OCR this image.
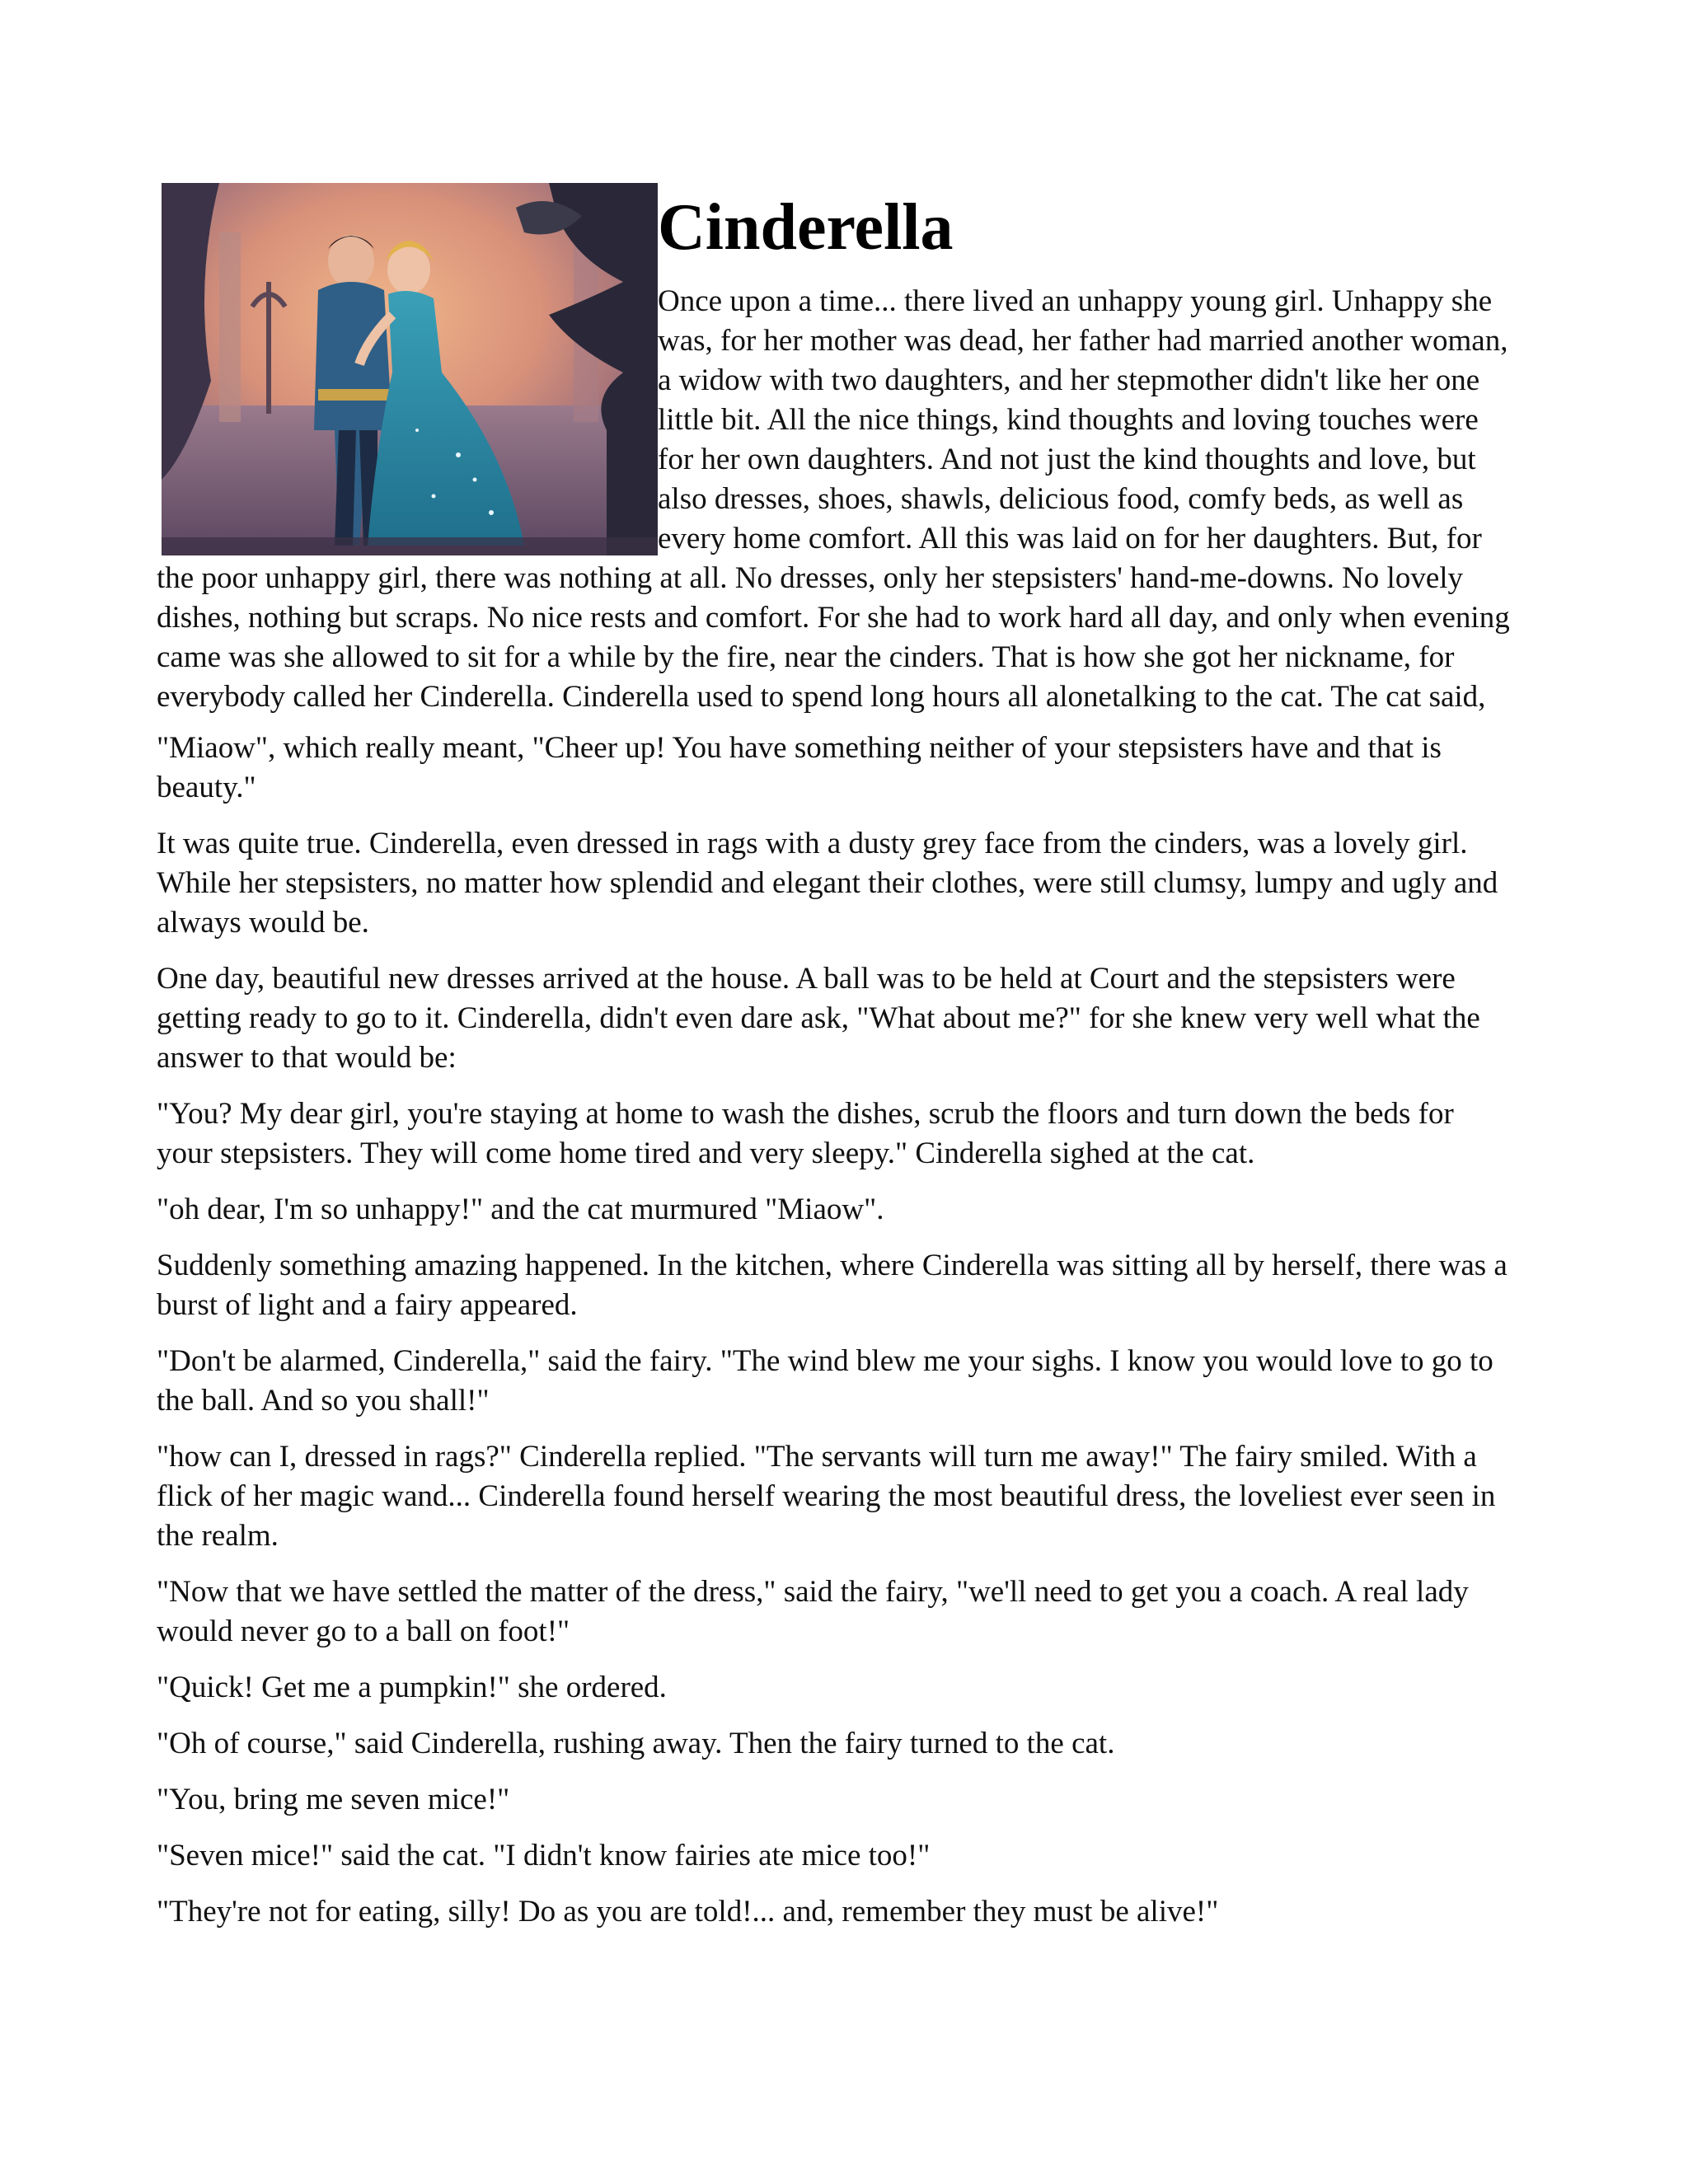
Cinderella

Once upon a time... there lived an unhappy young girl. Unhappy she was, for her mother was dead, her father had married another woman, a widow with two daughters, and her stepmother didn't like her one little bit. All the nice things, kind thoughts and loving touches were for her own daughters. And not just the kind thoughts and love, but also dresses, shoes, shawls, delicious food, comfy beds, as well as every home comfort. All this was laid on for her daughters. But, for the poor unhappy girl, there was nothing at all. No dresses, only her stepsisters' hand-me-downs. No lovely dishes, nothing but scraps. No nice rests and comfort. For she had to work hard all day, and only when evening came was she allowed to sit for a while by the fire, near the cinders. That is how she got her nickname, for everybody called her Cinderella. Cinderella used to spend long hours all alonetalking to the cat. The cat said,

"Miaow", which really meant, "Cheer up! You have something neither of your stepsisters have and that is beauty."

It was quite true. Cinderella, even dressed in rags with a dusty grey face from the cinders, was a lovely girl. While her stepsisters, no matter how splendid and elegant their clothes, were still clumsy, lumpy and ugly and always would be.

One day, beautiful new dresses arrived at the house. A ball was to be held at Court and the stepsisters were getting ready to go to it. Cinderella, didn't even dare ask, "What about me?" for she knew very well what the answer to that would be:

"You? My dear girl, you're staying at home to wash the dishes, scrub the floors and turn down the beds for your stepsisters. They will come home tired and very sleepy." Cinderella sighed at the cat.

"oh dear, I'm so unhappy!" and the cat murmured "Miaow".

Suddenly something amazing happened. In the kitchen, where Cinderella was sitting all by herself, there was a burst of light and a fairy appeared.

"Don't be alarmed, Cinderella," said the fairy. "The wind blew me your sighs. I know you would love to go to the ball. And so you shall!"

"how can I, dressed in rags?" Cinderella replied. "The servants will turn me away!" The fairy smiled. With a flick of her magic wand... Cinderella found herself wearing the most beautiful dress, the loveliest ever seen in the realm.

"Now that we have settled the matter of the dress," said the fairy, "we'll need to get you a coach. A real lady would never go to a ball on foot!"

"Quick! Get me a pumpkin!" she ordered.

"Oh of course," said Cinderella, rushing away. Then the fairy turned to the cat.

"You, bring me seven mice!"

"Seven mice!" said the cat. "I didn't know fairies ate mice too!"

"They're not for eating, silly! Do as you are told!... and, remember they must be alive!"
